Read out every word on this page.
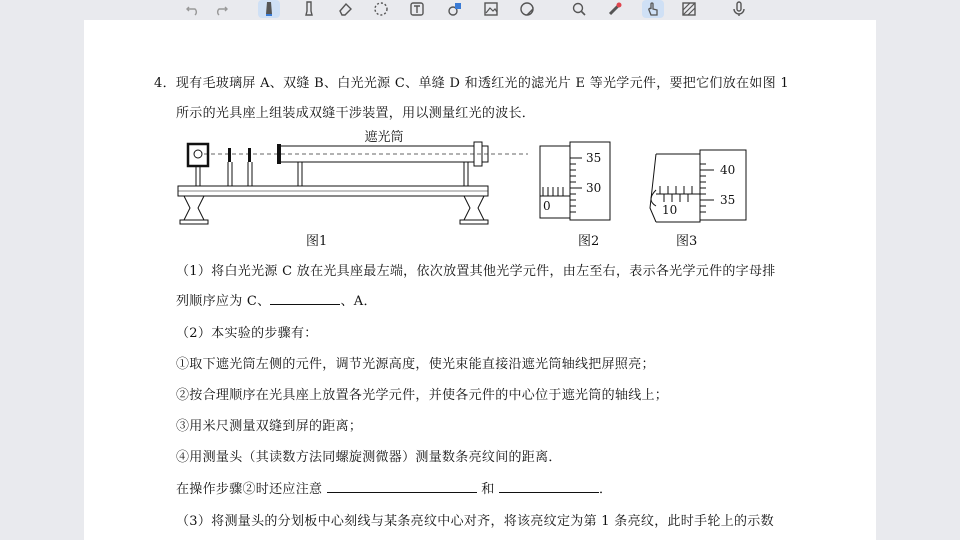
4．现有毛玻璃屏 A、双缝 B、白光光源 C、单缝 D 和透红光的滤光片 E 等光学元件，要把它们放在如图 1
所示的光具座上组装成双缝干涉装置，用以测量红光的波长．
遮光筒
0
35
30
10
40
35
图1	图2	图3
（1）将白光光源 C 放在光具座最左端，依次放置其他光学元件，由左至右，表示各光学元件的字母排
列顺序应为 C、	、A．
（2）本实验的步骤有：
①取下遮光筒左侧的元件，调节光源高度，使光束能直接沿遮光筒轴线把屏照亮；
②按合理顺序在光具座上放置各光学元件，并使各元件的中心位于遮光筒的轴线上；
③用米尺测量双缝到屏的距离；
④用测量头（其读数方法同螺旋测微器）测量数条亮纹间的距离．
在操作步骤②时还应注意	和	．
（3）将测量头的分划板中心刻线与某条亮纹中心对齐，将该亮纹定为第 1 条亮纹，此时手轮上的示数
